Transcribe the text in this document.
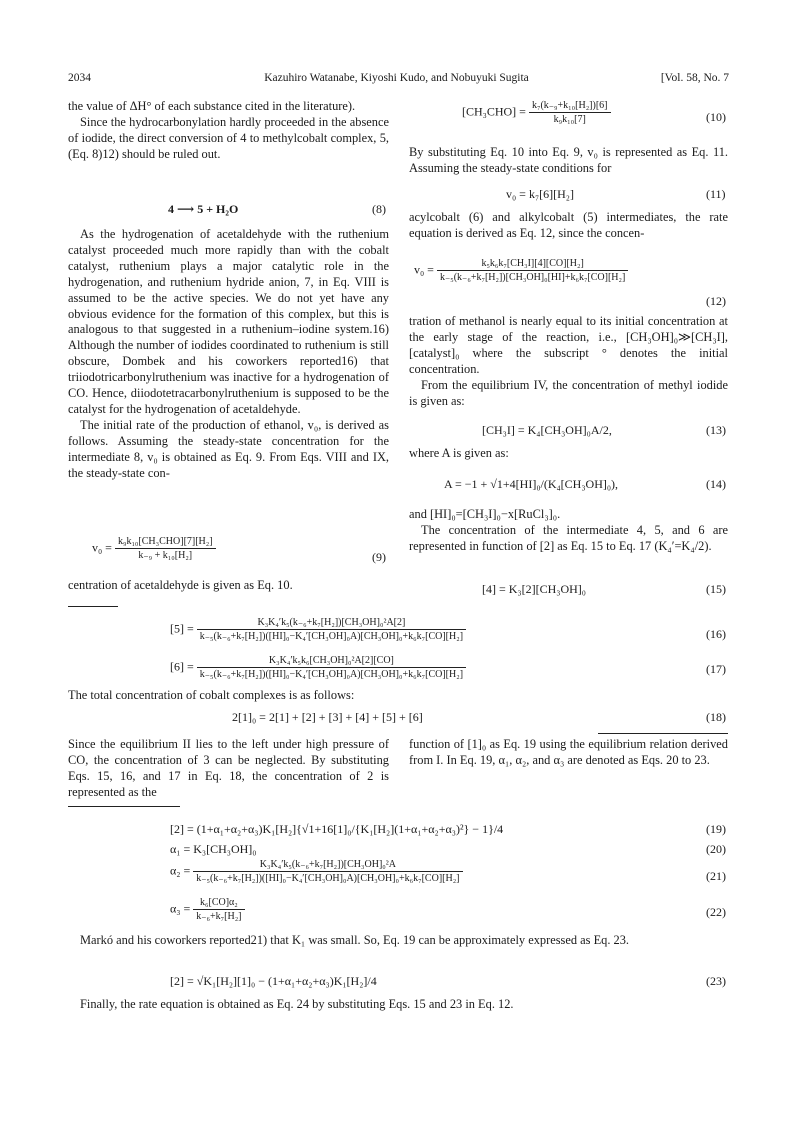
2034	Kazuhiro Watanabe, Kiyoshi Kudo, and Nobuyuki Sugita	[Vol. 58, No. 7

the value of ΔH° of each substance cited in the literature).

Since the hydrocarbonylation hardly proceeded in the absence of iodide, the direct conversion of 4 to methylcobalt complex, 5, (Eq. 8)12) should be ruled out.

4 ⟶ 5 + H₂O	(8)

As the hydrogenation of acetaldehyde with the ruthenium catalyst proceeded much more rapidly than with the cobalt catalyst, ruthenium plays a major catalytic role in the hydrogenation, and ruthenium hydride anion, 7, in Eq. VIII is assumed to be the active species. We do not yet have any obvious evidence for the formation of this complex, but this is analogous to that suggested in a ruthenium–iodine system.16) Although the number of iodides coordinated to ruthenium is still obscure, Dombek and his coworkers reported16) that triiodotricarbonylruthenium was inactive for a hydrogenation of CO. Hence, diiodotetracarbonylruthenium is supposed to be the catalyst for the hydrogenation of acetaldehyde.

The initial rate of the production of ethanol, v₀, is derived as follows. Assuming the steady-state concentration for the intermediate 8, v₀ is obtained as Eq. 9. From Eqs. VIII and IX, the steady-state con-

$v_0 = \frac{\text{k₉k₁₀[CH₃CHO][7][H₂]}}{\text{k₋₉ + k₁₀[H₂]}}$	(9)
centration of acetaldehyde is given as Eq. 10.
$[CH_3CHO] = \frac{\text{k₇(k₋₉+k₁₀[H₂])[6]}}{\text{k₉k₁₀[7]}}$	(10)
By substituting Eq. 10 into Eq. 9, v₀ is represented as Eq. 11. Assuming the steady-state conditions for
v₀ = k₇[6][H₂]	(11)
acylcobalt (6) and alkylcobalt (5) intermediates, the rate equation is derived as Eq. 12, since the concen-
$v_0 = \frac{\text{k₅k₆k₇[CH₃I][4][CO][H₂]}}{\text{k₋₅(k₋₆+k₇[H₂])[CH₃OH]₀[HI]+k₆k₇[CO][H₂]}}$
(12)

tration of methanol is nearly equal to its initial concentration at the early stage of the reaction, i.e., [CH₃OH]₀≫[CH₃I], [catalyst]₀ where the subscript ° denotes the initial concentration.

From the equilibrium IV, the concentration of methyl iodide is given as:

[CH₃I] = K₄[CH₃OH]₀A/2,	(13)
where A is given as:
A = −1 + √1+4[HI]₀/(K₄[CH₃OH]₀),	(14)

and [HI]₀=[CH₃I]₀−x[RuCl₃]₀.

The concentration of the intermediate 4, 5, and 6 are represented in function of [2] as Eq. 15 to Eq. 17 (K₄′=K₄/2).

[4] = K₃[2][CH₃OH]₀	(15)
$[5] = \frac{\text{K₃K₄′k₅(k₋₆+k₇[H₂])[CH₃OH]₀²A[2]}}{\text{k₋₅(k₋₆+k₇[H₂])([HI]₀−K₄′[CH₃OH]₀A)[CH₃OH]₀+k₆k₇[CO][H₂]}}$	(16)
$[6] = \frac{\text{K₃K₄′k₅k₆[CH₃OH]₀²A[2][CO]}}{\text{k₋₅(k₋₆+k₇[H₂])([HI]₀−K₄′[CH₃OH]₀A)[CH₃OH]₀+k₆k₇[CO][H₂]}}$	(17)
The total concentration of cobalt complexes is as follows:
2[1]₀ = 2[1] + [2] + [3] + [4] + [5] + [6]	(18)
Since the equilibrium II lies to the left under high pressure of CO, the concentration of 3 can be neglected. By substituting Eqs. 15, 16, and 17 in Eq. 18, the concentration of 2 is represented as the
function of [1]₀ as Eq. 19 using the equilibrium relation derived from I. In Eq. 19, α₁, α₂, and α₃ are denoted as Eqs. 20 to 23.
[2] = (1+α₁+α₂+α₃)K₁[H₂]{√1+16[1]₀/{K₁[H₂](1+α₁+α₂+α₃)²} − 1}/4	(19)
α₁ = K₃[CH₃OH]₀	(20)
$\alpha_2 = \frac{\text{K₃K₄′k₅(k₋₆+k₇[H₂])[CH₃OH]₀²A}}{\text{k₋₅(k₋₆+k₇[H₂])([HI]₀−K₄′[CH₃OH]₀A)[CH₃OH]₀+k₆k₇[CO][H₂]}}$	(21)
$\alpha_3 = \frac{\text{k₆[CO]α₂}}{\text{k₋₆+k₇[H₂]}}$	(22)
Markó and his coworkers reported21) that K₁ was small. So, Eq. 19 can be approximately expressed as Eq. 23.
[2] = √K₁[H₂][1]₀ − (1+α₁+α₂+α₃)K₁[H₂]/4	(23)
Finally, the rate equation is obtained as Eq. 24 by substituting Eqs. 15 and 23 in Eq. 12.
